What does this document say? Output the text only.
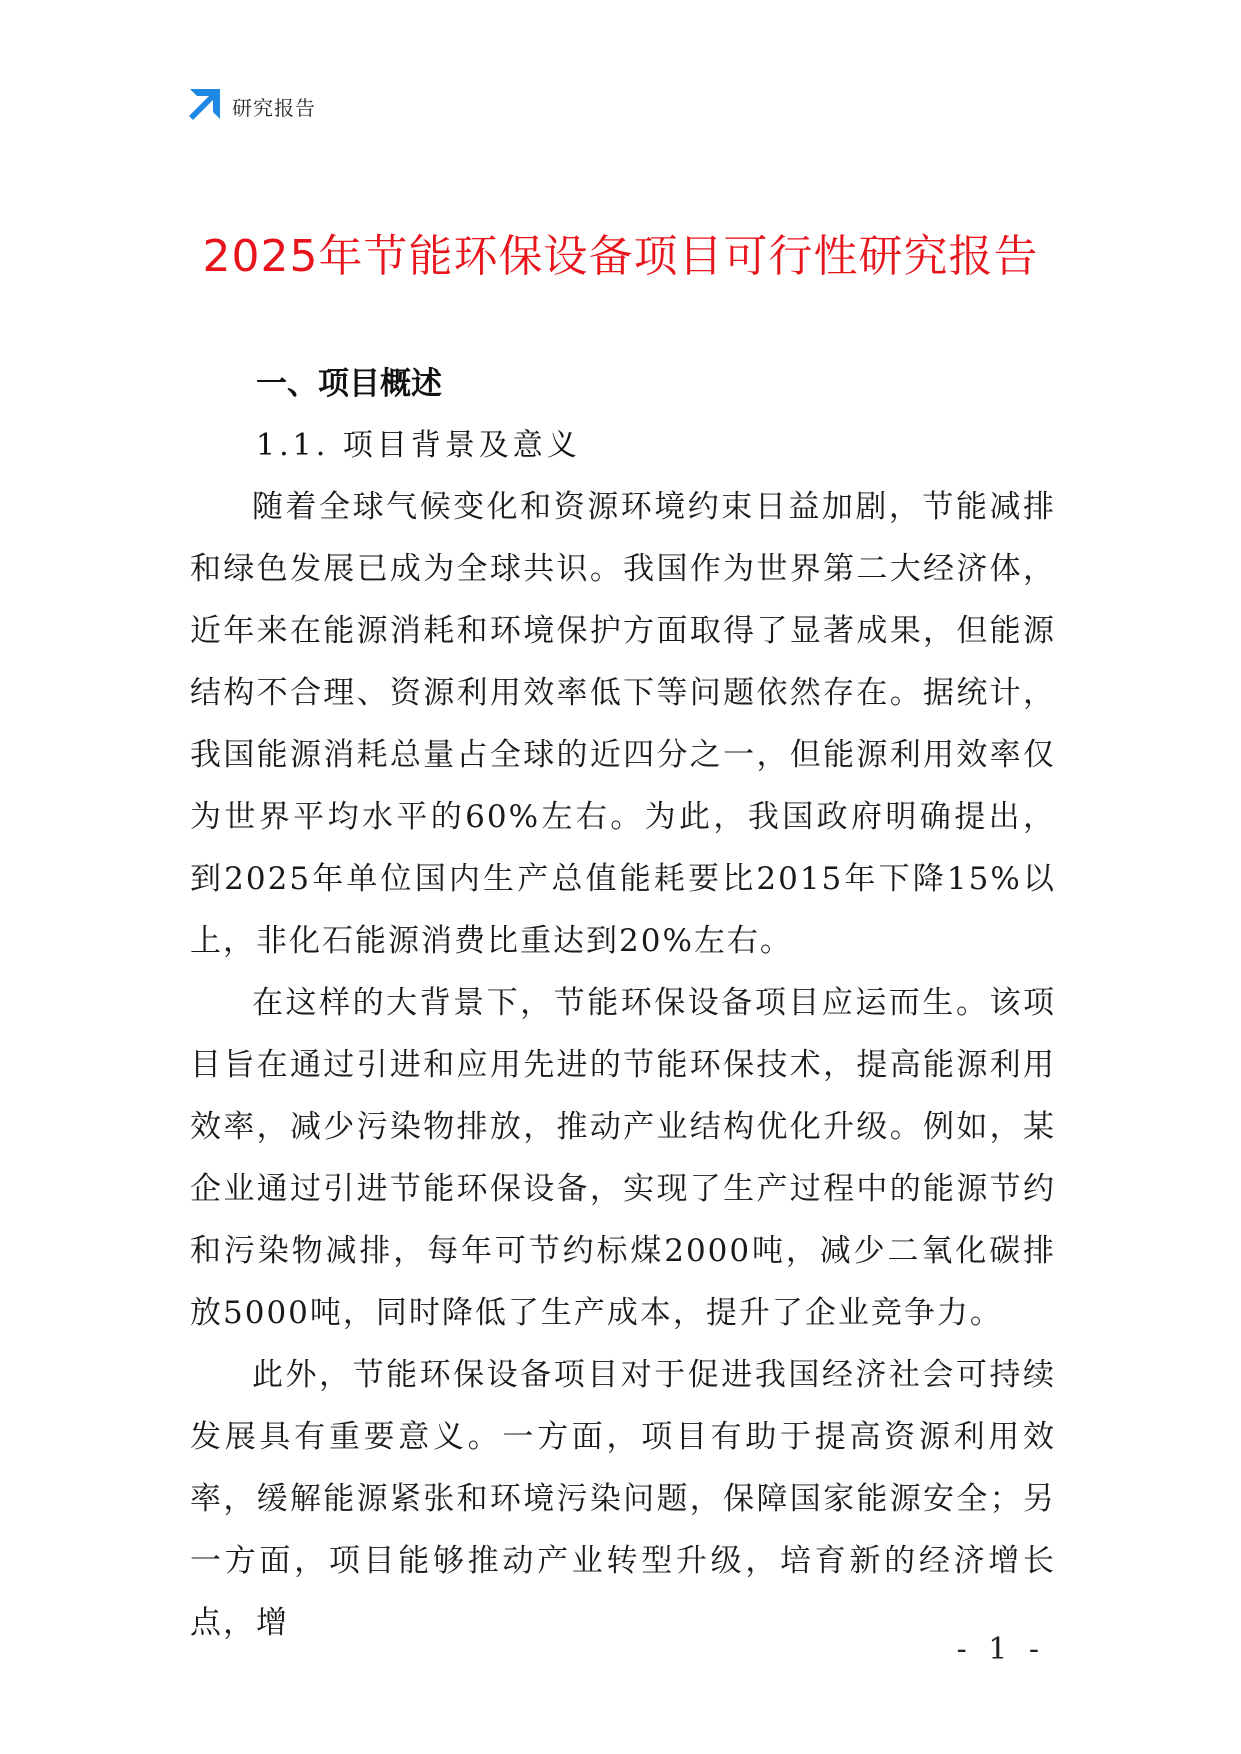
研究报告
2025年节能环保设备项目可行性研究报告
一、项目概述
1.1. 项目背景及意义

随着全球气候变化和资源环境约束日益加剧，节能减排和绿色发展已成为全球共识。我国作为世界第二大经济体，近年来在能源消耗和环境保护方面取得了显著成果，但能源结构不合理、资源利用效率低下等问题依然存在。据统计，我国能源消耗总量占全球的近四分之一，但能源利用效率仅为世界平均水平的60%左右。为此，我国政府明确提出，到2025年单位国内生产总值能耗要比2015年下降15%以上，非化石能源消费比重达到20%左右。

在这样的大背景下，节能环保设备项目应运而生。该项目旨在通过引进和应用先进的节能环保技术，提高能源利用效率，减少污染物排放，推动产业结构优化升级。例如，某企业通过引进节能环保设备，实现了生产过程中的能源节约和污染物减排，每年可节约标煤2000吨，减少二氧化碳排放5000吨，同时降低了生产成本，提升了企业竞争力。

此外，节能环保设备项目对于促进我国经济社会可持续发展具有重要意义。一方面，项目有助于提高资源利用效率，缓解能源紧张和环境污染问题，保障国家能源安全；另一方面，项目能够推动产业转型升级，培育新的经济增长点，增

- 1 -
